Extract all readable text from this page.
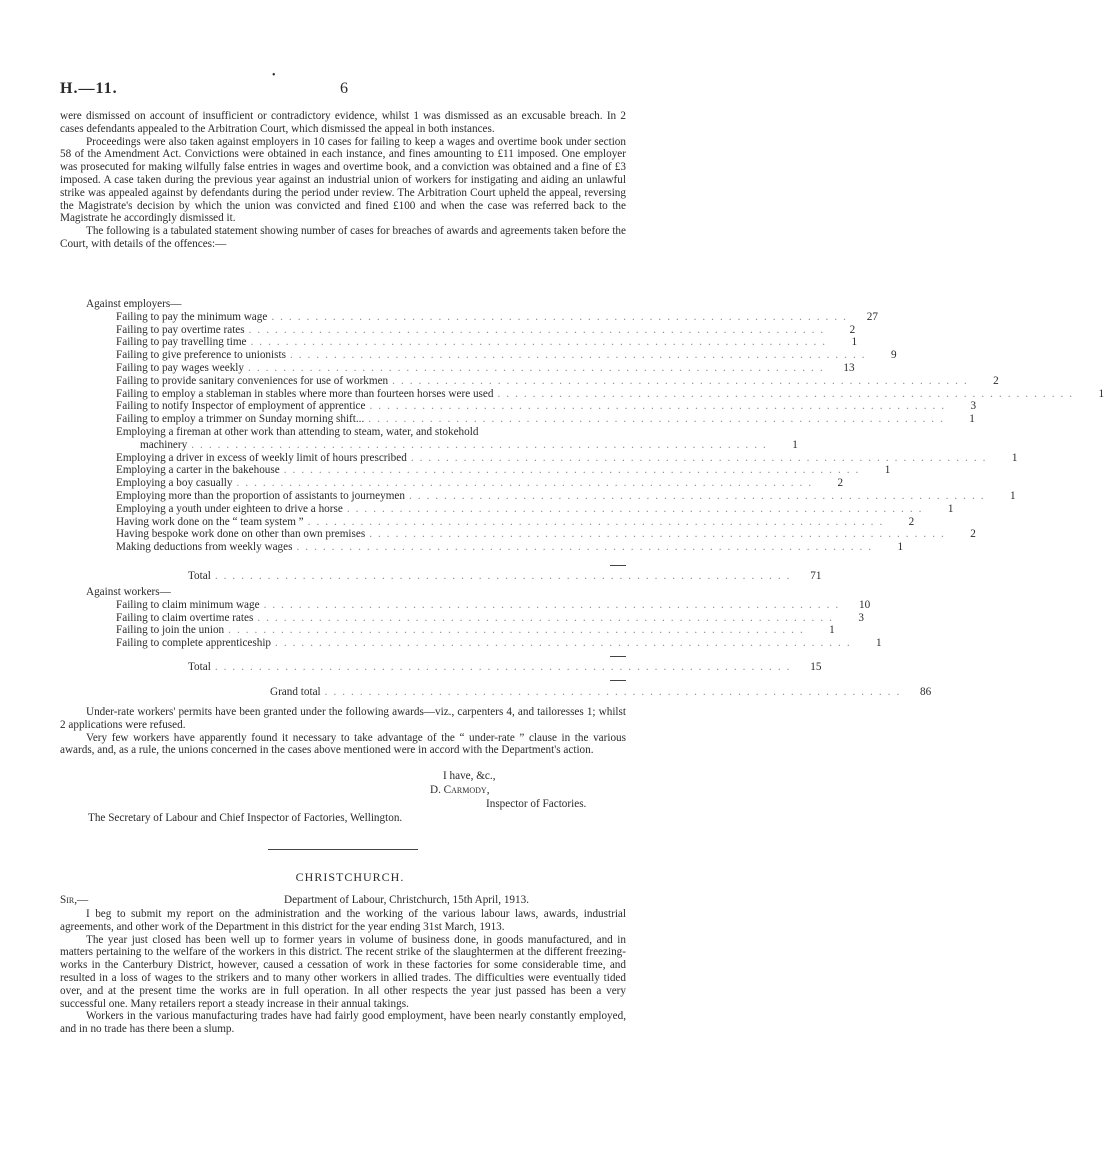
H.—11.
•
6

were dismissed on account of insufficient or contradictory evidence, whilst 1 was dismissed as an excusable breach. In 2 cases defendants appealed to the Arbitration Court, which dismissed the appeal in both instances.

Proceedings were also taken against employers in 10 cases for failing to keep a wages and overtime book under section 58 of the Amendment Act. Convictions were obtained in each instance, and fines amounting to £11 imposed. One employer was prosecuted for making wilfully false entries in wages and overtime book, and a conviction was obtained and a fine of £3 imposed. A case taken during the previous year against an industrial union of workers for instigating and aiding an unlawful strike was appealed against by defendants during the period under review. The Arbitration Court upheld the appeal, reversing the Magistrate's decision by which the union was convicted and fined £100 and when the case was referred back to the Magistrate he accordingly dismissed it.

The following is a tabulated statement showing number of cases for breaches of awards and agreements taken before the Court, with details of the offences:—

Against employers—
Failing to pay the minimum wage ..................................................................	27
Failing to pay overtime rates ..................................................................	2
Failing to pay travelling time ..................................................................	1
Failing to give preference to unionists ..................................................................	9
Failing to pay wages weekly ..................................................................	13
Failing to provide sanitary conveniences for use of workmen ..................................................................	2
Failing to employ a stableman in stables where more than fourteen horses were used ..................................................................	1
Failing to notify Inspector of employment of apprentice ..................................................................	3
Failing to employ a trimmer on Sunday morning shift... ..................................................................	1
Employing a fireman at other work than attending to steam, water, and stokehold
machinery ..................................................................	1
Employing a driver in excess of weekly limit of hours prescribed ..................................................................	1
Employing a carter in the bakehouse ..................................................................	1
Employing a boy casually ..................................................................	2
Employing more than the proportion of assistants to journeymen ..................................................................	1
Employing a youth under eighteen to drive a horse ..................................................................	1
Having work done on the “ team system ” ..................................................................	2
Having bespoke work done on other than own premises ..................................................................	2
Making deductions from weekly wages ..................................................................	1
Total ..................................................................	71
Against workers—
Failing to claim minimum wage ..................................................................	10
Failing to claim overtime rates ..................................................................	3
Failing to join the union ..................................................................	1
Failing to complete apprenticeship ..................................................................	1
Total ..................................................................	15
Grand total ..................................................................	86

Under-rate workers' permits have been granted under the following awards—viz., carpenters 4, and tailoresses 1; whilst 2 applications were refused.

Very few workers have apparently found it necessary to take advantage of the “ under-rate ” clause in the various awards, and, as a rule, the unions concerned in the cases above mentioned were in accord with the Department's action.

I have, &c.,
D. Carmody,
Inspector of Factories.
The Secretary of Labour and Chief Inspector of Factories, Wellington.
CHRISTCHURCH.
Sir,—	Department of Labour, Christchurch, 15th April, 1913.

I beg to submit my report on the administration and the working of the various labour laws, awards, industrial agreements, and other work of the Department in this district for the year ending 31st March, 1913.

The year just closed has been well up to former years in volume of business done, in goods manufactured, and in matters pertaining to the welfare of the workers in this district. The recent strike of the slaughtermen at the different freezing-works in the Canterbury District, however, caused a cessation of work in these factories for some considerable time, and resulted in a loss of wages to the strikers and to many other workers in allied trades. The difficulties were eventually tided over, and at the present time the works are in full operation. In all other respects the year just passed has been a very successful one. Many retailers report a steady increase in their annual takings.

Workers in the various manufacturing trades have had fairly good employment, have been nearly constantly employed, and in no trade has there been a slump.
